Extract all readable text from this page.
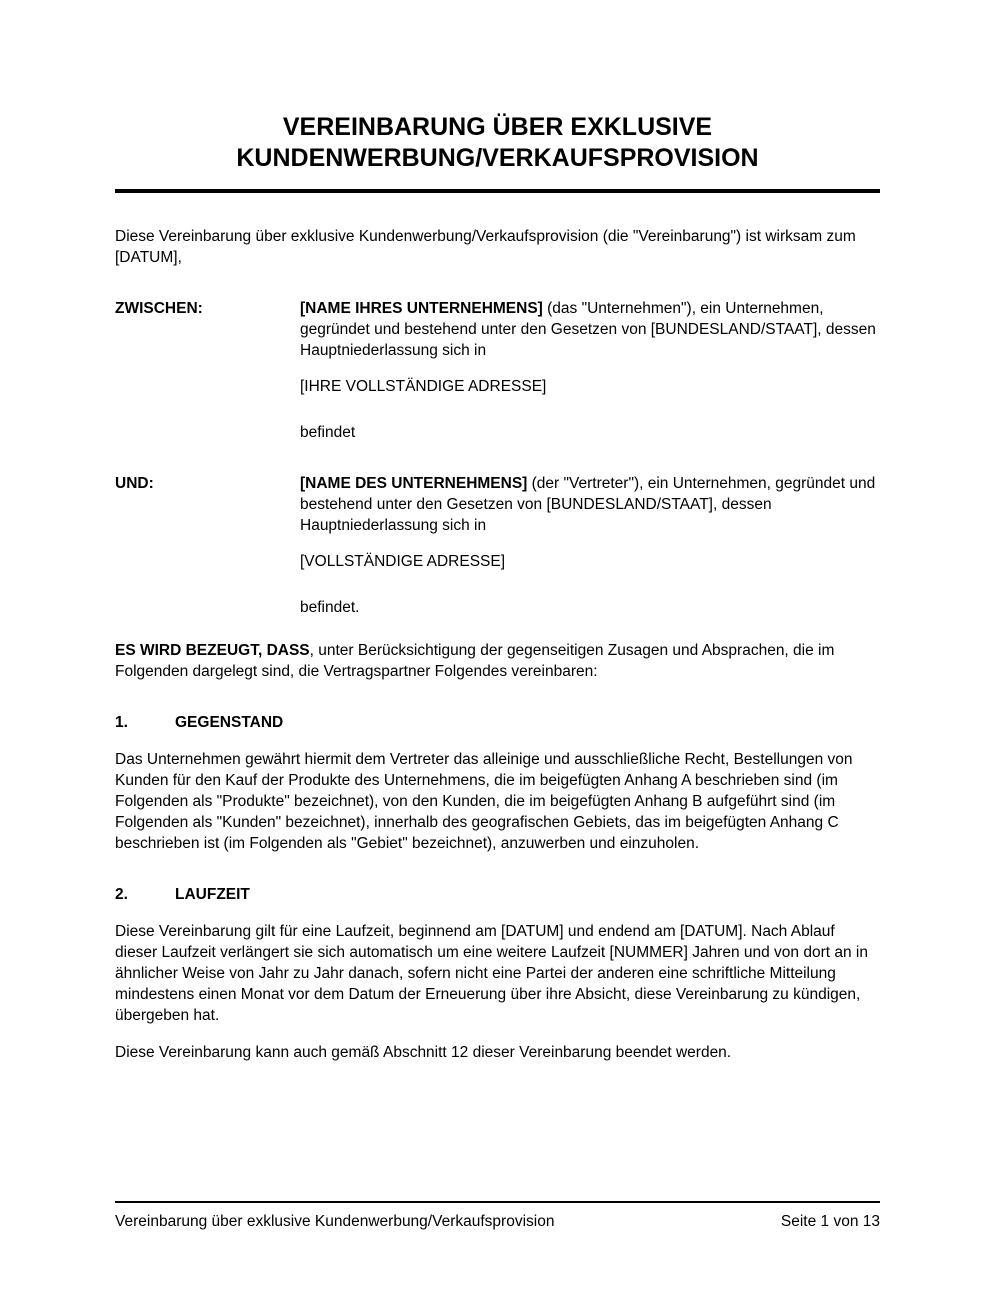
VEREINBARUNG ÜBER EXKLUSIVE
KUNDENWERBUNG/VERKAUFSPROVISION

Diese Vereinbarung über exklusive Kundenwerbung/Verkaufsprovision (die "Vereinbarung") ist wirksam zum [DATUM],

ZWISCHEN:	[NAME IHRES UNTERNEHMENS] (das "Unternehmen"), ein Unternehmen, gegründet und bestehend unter den Gesetzen von [BUNDESLAND/STAAT], dessen Hauptniederlassung sich in

[IHRE VOLLSTÄNDIGE ADRESSE]

befindet

UND:	[NAME DES UNTERNEHMENS] (der "Vertreter"), ein Unternehmen, gegründet und bestehend unter den Gesetzen von [BUNDESLAND/STAAT], dessen Hauptniederlassung sich in

[VOLLSTÄNDIGE ADRESSE]

befindet.

ES WIRD BEZEUGT, DASS, unter Berücksichtigung der gegenseitigen Zusagen und Absprachen, die im Folgenden dargelegt sind, die Vertragspartner Folgendes vereinbaren:

1.	GEGENSTAND

Das Unternehmen gewährt hiermit dem Vertreter das alleinige und ausschließliche Recht, Bestellungen von Kunden für den Kauf der Produkte des Unternehmens, die im beigefügten Anhang A beschrieben sind (im Folgenden als "Produkte" bezeichnet), von den Kunden, die im beigefügten Anhang B aufgeführt sind (im Folgenden als "Kunden" bezeichnet), innerhalb des geografischen Gebiets, das im beigefügten Anhang C beschrieben ist (im Folgenden als "Gebiet" bezeichnet), anzuwerben und einzuholen.

2.	LAUFZEIT

Diese Vereinbarung gilt für eine Laufzeit, beginnend am [DATUM] und endend am [DATUM]. Nach Ablauf dieser Laufzeit verlängert sie sich automatisch um eine weitere Laufzeit [NUMMER] Jahren und von dort an in ähnlicher Weise von Jahr zu Jahr danach, sofern nicht eine Partei der anderen eine schriftliche Mitteilung mindestens einen Monat vor dem Datum der Erneuerung über ihre Absicht, diese Vereinbarung zu kündigen, übergeben hat.

Diese Vereinbarung kann auch gemäß Abschnitt 12 dieser Vereinbarung beendet werden.

Vereinbarung über exklusive Kundenwerbung/Verkaufsprovision	Seite 1 von 13
